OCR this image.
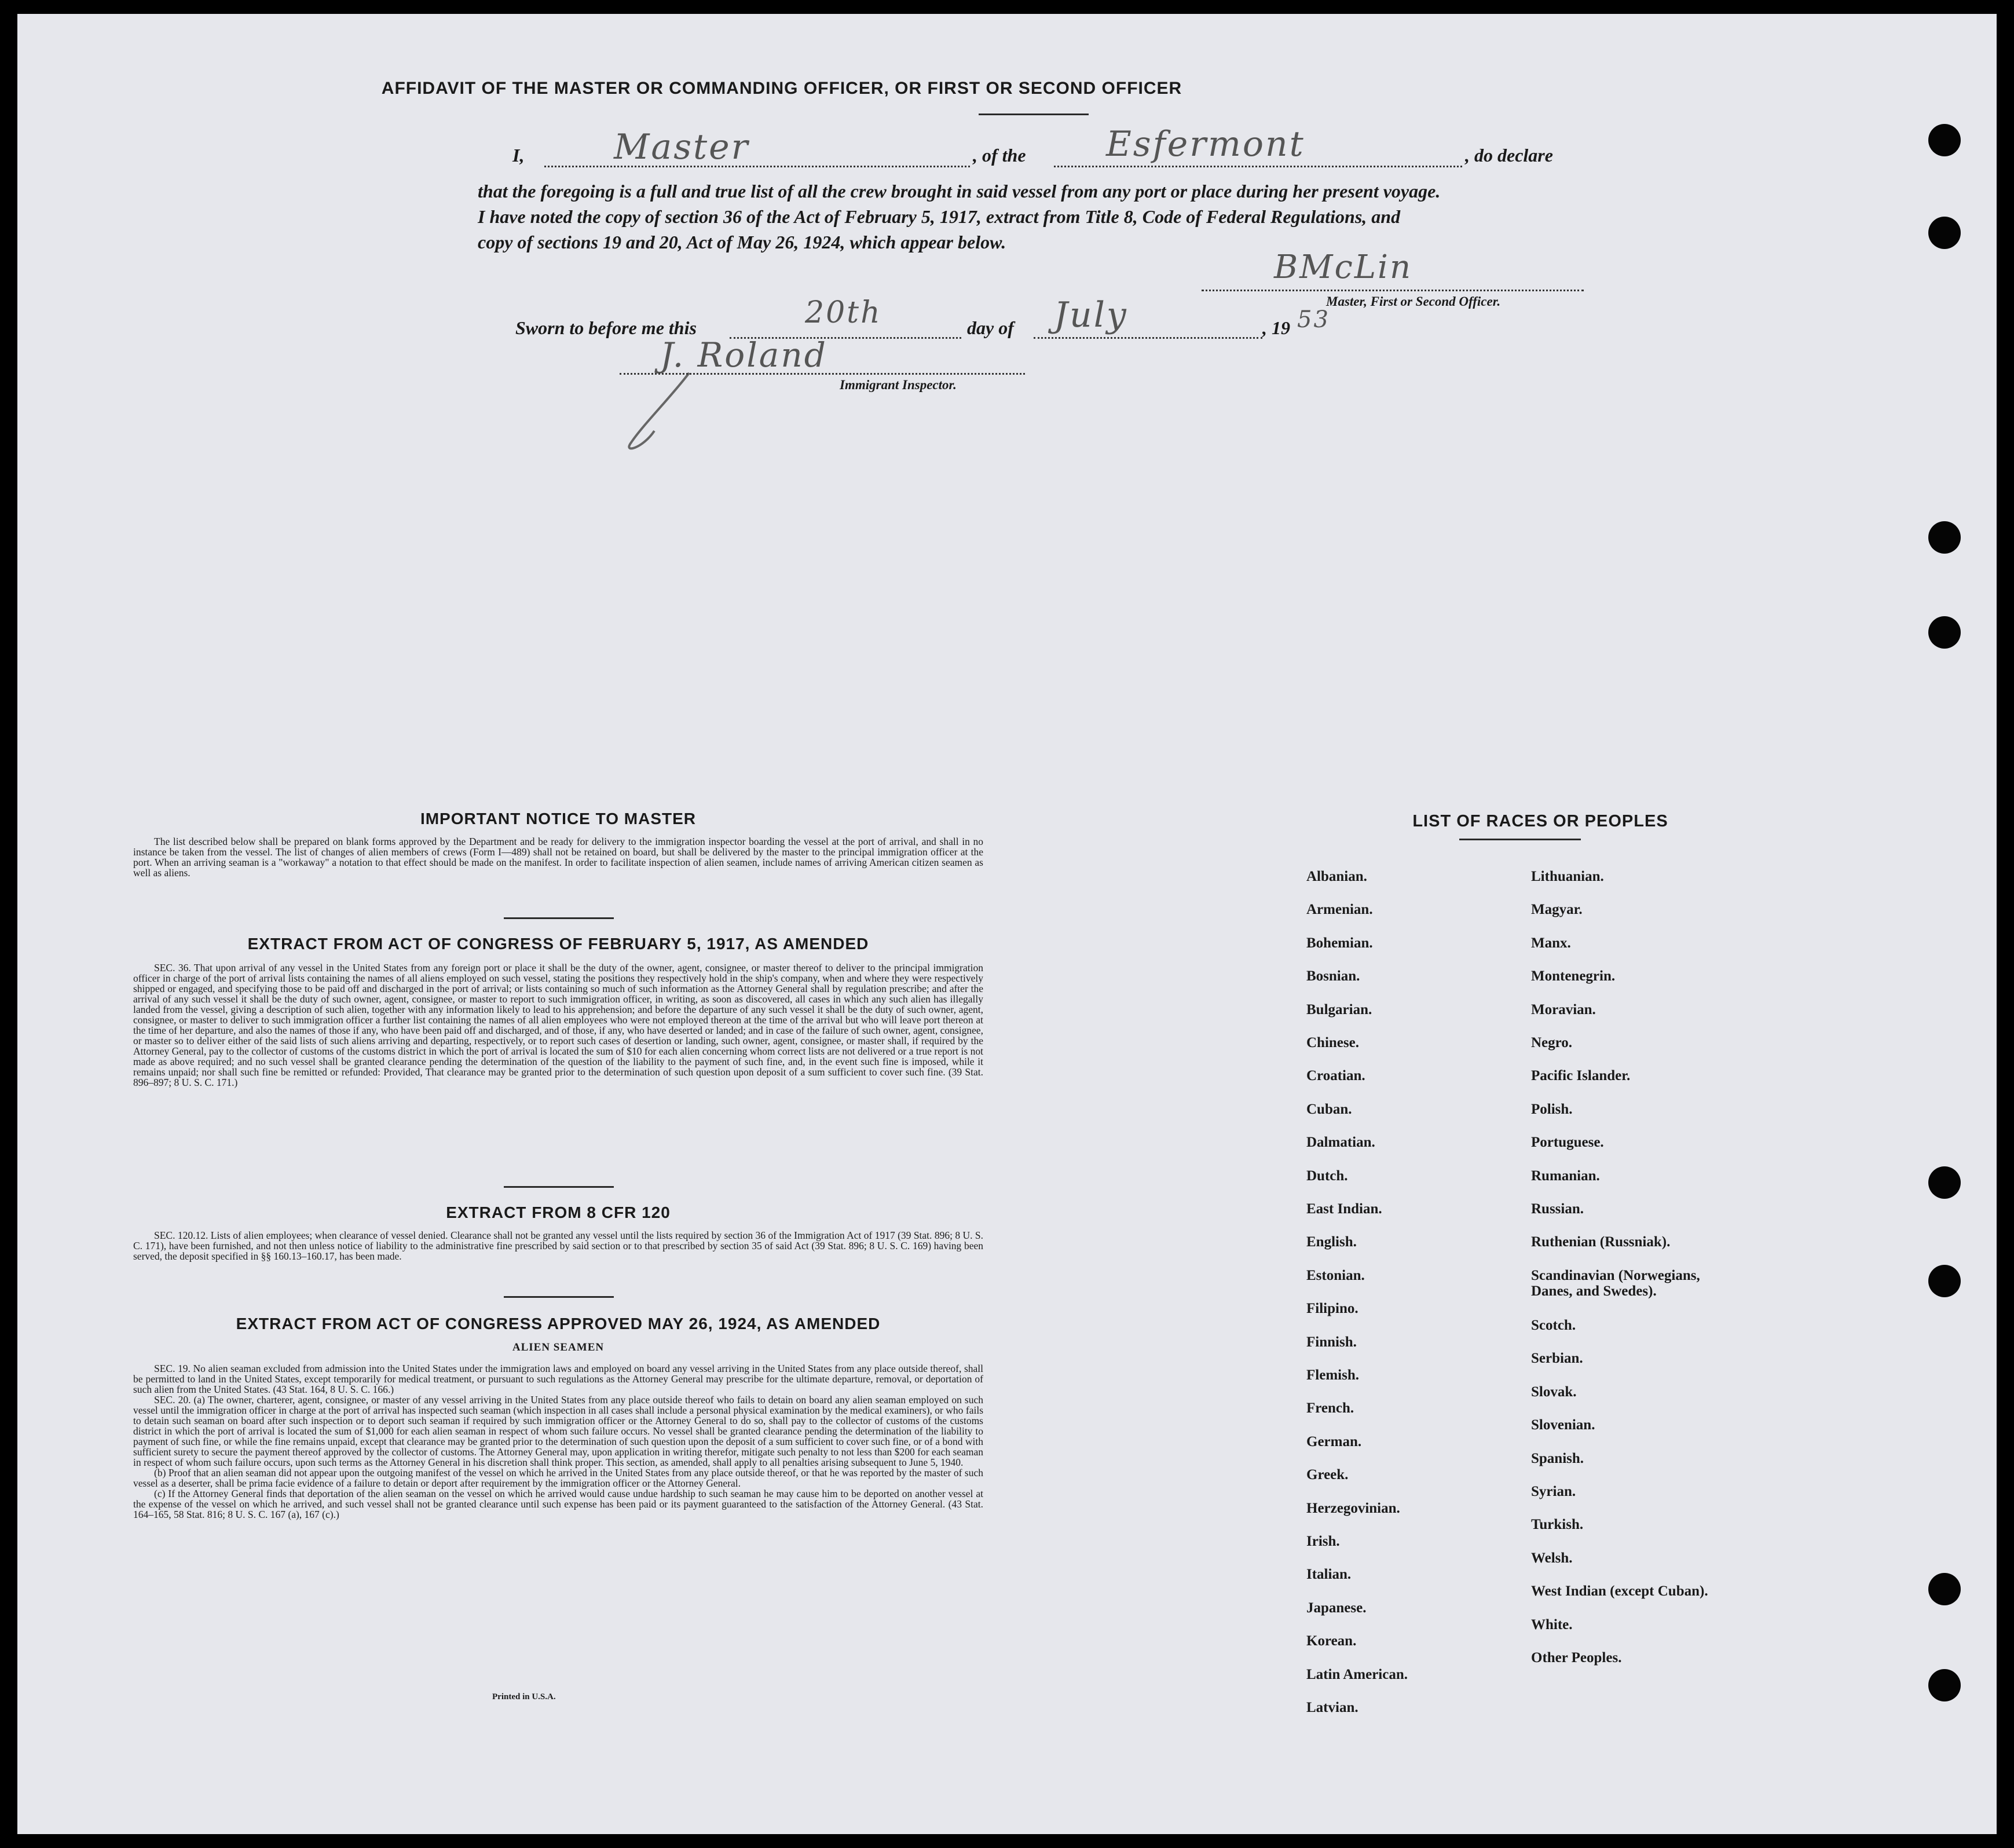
AFFIDAVIT OF THE MASTER OR COMMANDING OFFICER, OR FIRST OR SECOND OFFICER
I,	Master	, of the Esfermont	, do declare
that the foregoing is a full and true list of all the crew brought in said vessel from any port or place during her present voyage.
I have noted the copy of section 36 of the Act of February 5, 1917, extract from Title 8, Code of Federal Regulations, and
copy of sections 19 and 20, Act of May 26, 1924, which appear below.
BMcLin
Master, First or Second Officer.
Sworn to before me this	20th	day of July	, 19 53
J. Roland
Immigrant Inspector.
IMPORTANT NOTICE TO MASTER

The list described below shall be prepared on blank forms approved by the Department and be ready for delivery to the immigration inspector boarding the vessel at the port of arrival, and shall in no instance be taken from the vessel. The list of changes of alien members of crews (Form I—489) shall not be retained on board, but shall be delivered by the master to the principal immigration officer at the port. When an arriving seaman is a "workaway" a notation to that effect should be made on the manifest. In order to facilitate inspection of alien seamen, include names of arriving American citizen seamen as well as aliens.

EXTRACT FROM ACT OF CONGRESS OF FEBRUARY 5, 1917, AS AMENDED

SEC. 36. That upon arrival of any vessel in the United States from any foreign port or place it shall be the duty of the owner, agent, consignee, or master thereof to deliver to the principal immigration officer in charge of the port of arrival lists containing the names of all aliens employed on such vessel, stating the positions they respectively hold in the ship's company, when and where they were respectively shipped or engaged, and specifying those to be paid off and discharged in the port of arrival; or lists containing so much of such information as the Attorney General shall by regulation prescribe; and after the arrival of any such vessel it shall be the duty of such owner, agent, consignee, or master to report to such immigration officer, in writing, as soon as discovered, all cases in which any such alien has illegally landed from the vessel, giving a description of such alien, together with any information likely to lead to his apprehension; and before the departure of any such vessel it shall be the duty of such owner, agent, consignee, or master to deliver to such immigration officer a further list containing the names of all alien employees who were not employed thereon at the time of the arrival but who will leave port thereon at the time of her departure, and also the names of those if any, who have been paid off and discharged, and of those, if any, who have deserted or landed; and in case of the failure of such owner, agent, consignee, or master so to deliver either of the said lists of such aliens arriving and departing, respectively, or to report such cases of desertion or landing, such owner, agent, consignee, or master shall, if required by the Attorney General, pay to the collector of customs of the customs district in which the port of arrival is located the sum of $10 for each alien concerning whom correct lists are not delivered or a true report is not made as above required; and no such vessel shall be granted clearance pending the determination of the question of the liability to the payment of such fine, and, in the event such fine is imposed, while it remains unpaid; nor shall such fine be remitted or refunded: Provided, That clearance may be granted prior to the determination of such question upon deposit of a sum sufficient to cover such fine. (39 Stat. 896–897; 8 U. S. C. 171.)

EXTRACT FROM 8 CFR 120

SEC. 120.12. Lists of alien employees; when clearance of vessel denied. Clearance shall not be granted any vessel until the lists required by section 36 of the Immigration Act of 1917 (39 Stat. 896; 8 U. S. C. 171), have been furnished, and not then unless notice of liability to the administrative fine prescribed by said section or to that prescribed by section 35 of said Act (39 Stat. 896; 8 U. S. C. 169) having been served, the deposit specified in §§ 160.13–160.17, has been made.

EXTRACT FROM ACT OF CONGRESS APPROVED MAY 26, 1924, AS AMENDED
ALIEN SEAMEN

SEC. 19. No alien seaman excluded from admission into the United States under the immigration laws and employed on board any vessel arriving in the United States from any place outside thereof, shall be permitted to land in the United States, except temporarily for medical treatment, or pursuant to such regulations as the Attorney General may prescribe for the ultimate departure, removal, or deportation of such alien from the United States. (43 Stat. 164, 8 U. S. C. 166.)

SEC. 20. (a) The owner, charterer, agent, consignee, or master of any vessel arriving in the United States from any place outside thereof who fails to detain on board any alien seaman employed on such vessel until the immigration officer in charge at the port of arrival has inspected such seaman (which inspection in all cases shall include a personal physical examination by the medical examiners), or who fails to detain such seaman on board after such inspection or to deport such seaman if required by such immigration officer or the Attorney General to do so, shall pay to the collector of customs of the customs district in which the port of arrival is located the sum of $1,000 for each alien seaman in respect of whom such failure occurs. No vessel shall be granted clearance pending the determination of the liability to payment of such fine, or while the fine remains unpaid, except that clearance may be granted prior to the determination of such question upon the deposit of a sum sufficient to cover such fine, or of a bond with sufficient surety to secure the payment thereof approved by the collector of customs. The Attorney General may, upon application in writing therefor, mitigate such penalty to not less than $200 for each seaman in respect of whom such failure occurs, upon such terms as the Attorney General in his discretion shall think proper. This section, as amended, shall apply to all penalties arising subsequent to June 5, 1940.

(b) Proof that an alien seaman did not appear upon the outgoing manifest of the vessel on which he arrived in the United States from any place outside thereof, or that he was reported by the master of such vessel as a deserter, shall be prima facie evidence of a failure to detain or deport after requirement by the immigration officer or the Attorney General.

(c) If the Attorney General finds that deportation of the alien seaman on the vessel on which he arrived would cause undue hardship to such seaman he may cause him to be deported on another vessel at the expense of the vessel on which he arrived, and such vessel shall not be granted clearance until such expense has been paid or its payment guaranteed to the satisfaction of the Attorney General. (43 Stat. 164–165, 58 Stat. 816; 8 U. S. C. 167 (a), 167 (c).)

Printed in U.S.A.
LIST OF RACES OR PEOPLES
Albanian.
Armenian.
Bohemian.
Bosnian.
Bulgarian.
Chinese.
Croatian.
Cuban.
Dalmatian.
Dutch.
East Indian.
English.
Estonian.
Filipino.
Finnish.
Flemish.
French.
German.
Greek.
Herzegovinian.
Irish.
Italian.
Japanese.
Korean.
Latin American.
Latvian.
Lithuanian.
Magyar.
Manx.
Montenegrin.
Moravian.
Negro.
Pacific Islander.
Polish.
Portuguese.
Rumanian.
Russian.
Ruthenian (Russniak).
Scandinavian (Norwegians, Danes, and Swedes).
Scotch.
Serbian.
Slovak.
Slovenian.
Spanish.
Syrian.
Turkish.
Welsh.
West Indian (except Cuban).
White.
Other Peoples.
